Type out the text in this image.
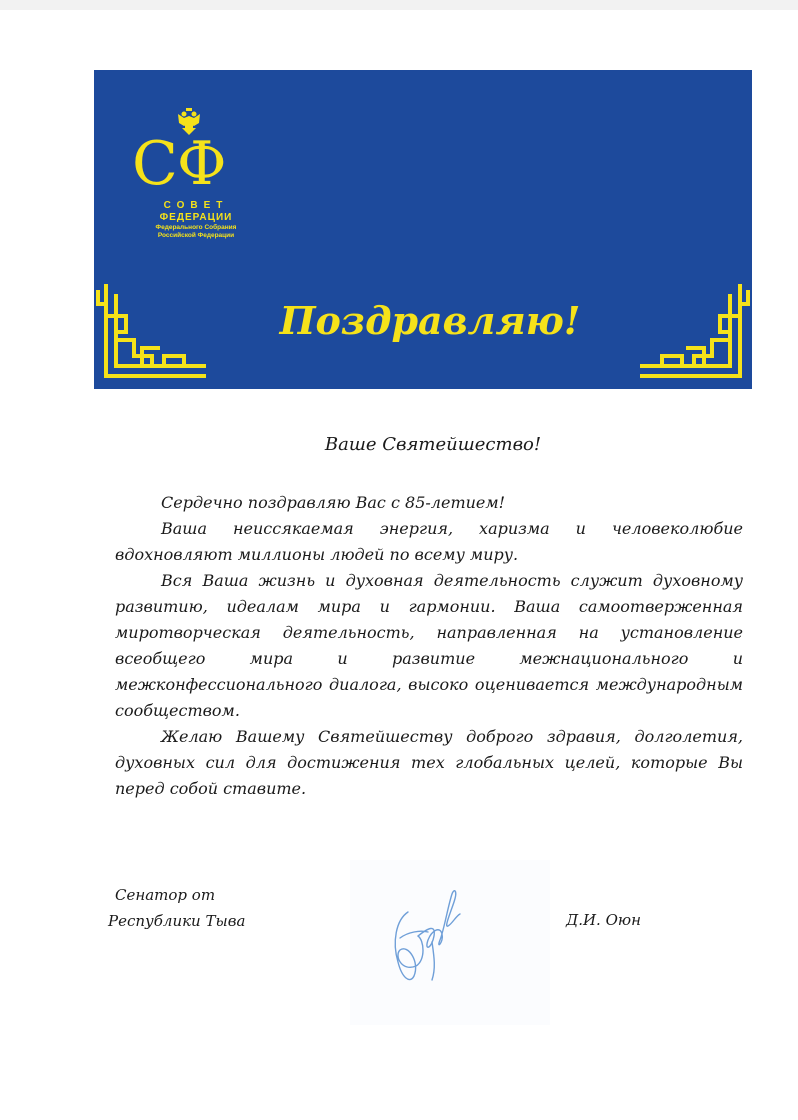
СФ
СОВЕТ
ФЕДЕРАЦИИ
Федерального Собрания
Российской Федерации
Поздравляю!
Ваше Святейшество!

Сердечно поздравляю Вас с 85-летием!

Ваша неиссякаемая энергия, харизма и человеколюбие вдохновляют миллионы людей по всему миру.

Вся Ваша жизнь и духовная деятельность служит духовному развитию, идеалам мира и гармонии. Ваша самоотверженная миротворческая деятельность, направленная на установление всеобщего мира и развитие межнационального и межконфессионального диалога, высоко оценивается международным сообществом.

Желаю Вашему Святейшеству доброго здравия, долголетия, духовных сил для достижения тех глобальных целей, которые Вы перед собой ставите.

Сенатор от
Республики Тыва	Д.И. Оюн
